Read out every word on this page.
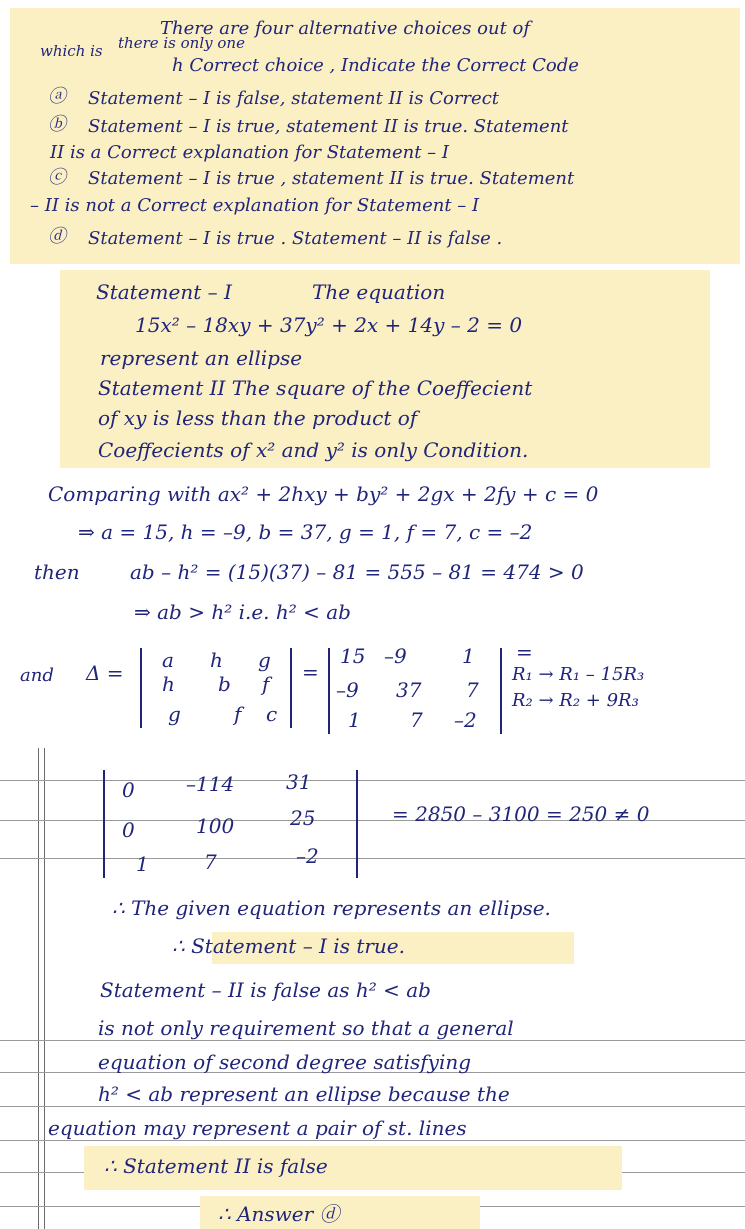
There are four alternative choices out of
which is there is only one
h Correct choice , Indicate the Correct Code
ⓐ Statement – I is false, statement II is Correct
ⓑ Statement – I is true, statement II is true. Statement
II is a Correct explanation for Statement – I
ⓒ Statement – I is true , statement II is true. Statement
– II is not a Correct explanation for Statement – I
ⓓ Statement – I is true . Statement – II is false .
Statement – I	The equation
15x² – 18xy + 37y² + 2x + 14y – 2 = 0
represent an ellipse
Statement II The square of the Coeffecient
of xy is less than the product of
Coeffecients of x² and y² is only Condition.
Comparing with ax² + 2hxy + by² + 2gx + 2fy + c = 0
⇒ a = 15, h = –9, b = 37, g = 1, f = 7, c = –2
then	ab – h² = (15)(37) – 81 = 555 – 81 = 474 > 0
⇒ ab > h² i.e. h² < ab
and Δ =
a h g
h b f
g	f c
=
15 –9	1
–9 37 7
1 7 –2
=
R₁ → R₁ – 15R₃
R₂ → R₂ + 9R₃
0	–114	31
0	100	25
1	7	–2
= 2850 – 3100 = 250 ≠ 0
∴ The given equation represents an ellipse.
∴ Statement – I is true.
Statement – II is false as h² < ab
is not only requirement so that a general
equation of second degree satisfying
h² < ab represent an ellipse because the
equation may represent a pair of st. lines
∴ Statement II is false
∴ Answer ⓓ
